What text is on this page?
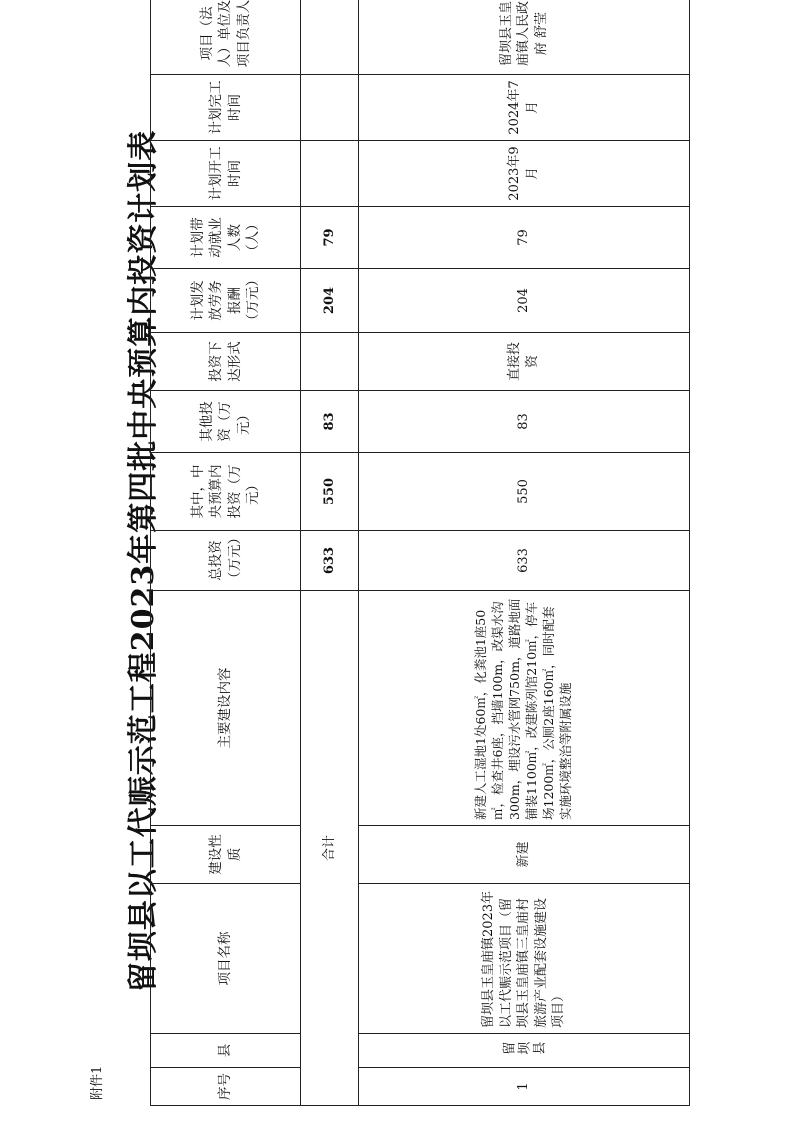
附件1
留坝县以工代赈示范工程2023年第四批中央预算内投资计划表
序号	县	项目名称	建设性质	主要建设内容	总投资（万元）	其中，中央预算内投资（万元）	其他投资（万元）	投资下达形式	计划发放劳务报酬（万元）	计划带动就业人数（人）	计划开工时间	计划完工时间	项目（法人）单位及项目负责人	
合计					633	550	83		204	79				
1	留坝县	留坝县玉皇庙镇2023年以工代赈示范项目（留坝县玉皇庙镇三皇庙村旅游产业配套设施建设项目）	新建	新建人工湿地1处60㎡，化粪池1座50㎡，检查井6座，挡墙100m，改渠水沟300m，埋设污水管网750m，道路地面铺装1100㎡，改建陈列馆210㎡，停车场1200㎡，公厕2座160㎡，同时配套实施环境整治等附属设施	633	550	83	直接投资	204	79	2023年9月	2024年7月	留坝县玉皇庙镇人民政府 舒莹	
